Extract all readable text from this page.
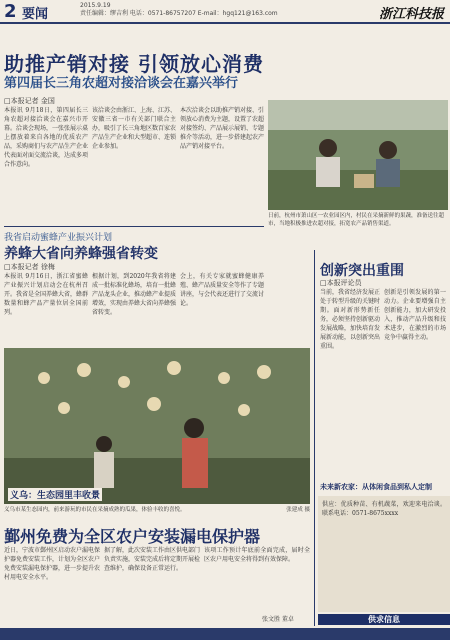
2 要闻
2015.9.19
责任编辑：缪吉利 电话：0571-86757207 E-mail：hgq121@163.com	浙江科技报
助推产销对接 引领放心消费
第四届长三角农超对接洽谈会在嘉兴举行
□本报记者 金国
本报讯 9月18日，第四届长三角农超对接洽谈会在嘉兴市开幕。洽谈会现场，一张张展示桌上摆放着来自各地的优质农产品，采购商们与农产品生产企业代表面对面交流洽谈，达成多项合作意向。
该洽谈会由浙江、上海、江苏、安徽三省一市有关部门联合主办，吸引了长三角地区数百家农产品生产企业和大型超市、连锁企业参加。
本次洽谈会以助推产销对接、引领放心消费为主题，设置了农超对接签约、产品展示展销、专题推介等活动，进一步搭建起农产品产销对接平台。
日前，杭州市萧山区一农业园区内，村民在采摘新鲜的果蔬，准备送往超市，当地积极推进农超对接，拓宽农产品销售渠道。
我省启动蜜蜂产业振兴计划
养蜂大省向养蜂强省转变
□本报记者 徐梅
本报讯 9月16日，浙江省蜜蜂产业振兴计划启动会在杭州召开。我省是全国养蜂大省，蜂群数量和蜂产品产量位居全国前列。
根据计划，到2020年我省将建成一批标准化蜂场，培育一批蜂产品龙头企业，推动蜂产业提质增效，实现由养蜂大省向养蜂强省转变。
会上，有关专家就蜜蜂健康养殖、蜂产品质量安全等作了专题讲座，与会代表还进行了交流讨论。
义乌：生态园里丰收景
义乌市某生态园内，前来游玩的市民在采摘成熟的瓜果，体验丰收的喜悦。	张建成 摄
鄞州免费为全区农户安装漏电保护器
近日，宁波市鄞州区启动农户漏电保护器免费安装工作，计划为全区农户免费安装漏电保护器，进一步提升农村用电安全水平。
据了解，此次安装工作由区供电部门负责实施，安装完成后将定期开展检查维护，确保设备正常运行。
该项工作预计年底前全面完成，届时全区农户用电安全将得到有效保障。
张文胜 董卓
创新突出重围
□本报评论员
当前，我省经济发展正处于转型升级的关键时期。面对新形势新任务，必须坚持创新驱动发展战略，加快培育发展新动能，以创新突出重围。
未来新农家：从体闲食品到私人定制
创新是引领发展的第一动力。企业要增强自主创新能力，加大研发投入，推动产品升级和技术进步，在激烈的市场竞争中赢得主动。
供应：优质种苗、有机蔬菜，欢迎来电洽谈。联系电话：0571-8675xxxx
供求信息
